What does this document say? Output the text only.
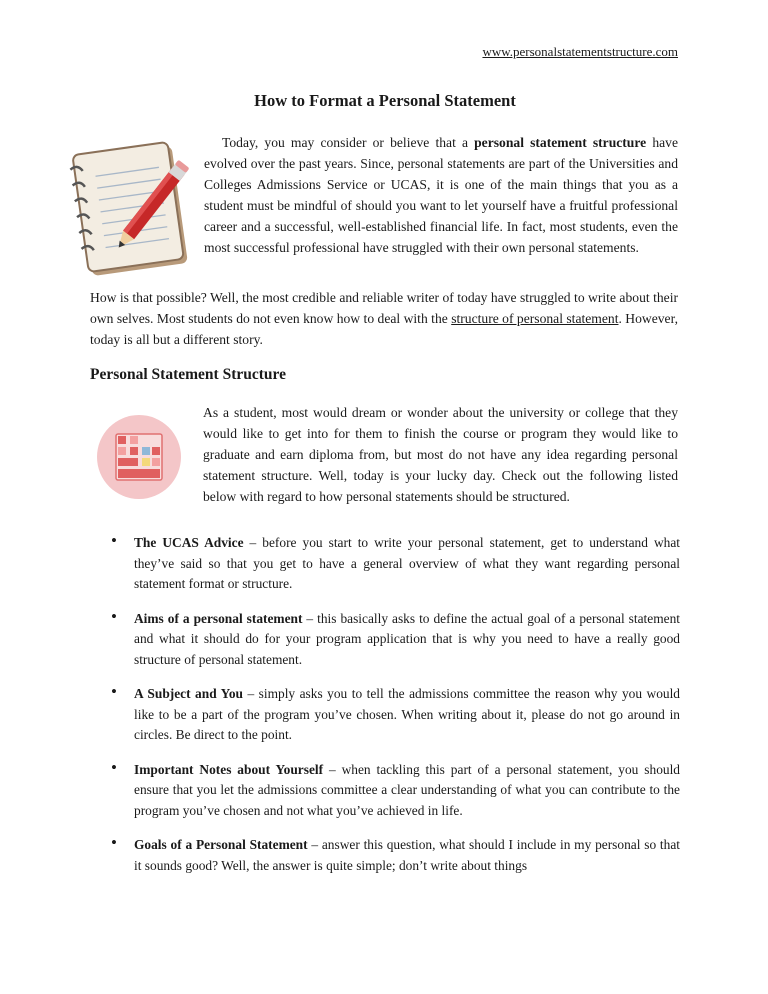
www.personalstatementstructure.com
How to Format a Personal Statement

Today, you may consider or believe that a personal statement structure have evolved over the past years. Since, personal statements are part of the Universities and Colleges Admissions Service or UCAS, it is one of the main things that you as a student must be mindful of should you want to let yourself have a fruitful professional career and a successful, well-established financial life. In fact, most students, even the most successful professional have struggled with their own personal statements.

How is that possible? Well, the most credible and reliable writer of today have struggled to write about their own selves. Most students do not even know how to deal with the structure of personal statement. However, today is all but a different story.

Personal Statement Structure

As a student, most would dream or wonder about the university or college that they would like to get into for them to finish the course or program they would like to graduate and earn diploma from, but most do not have any idea regarding personal statement structure. Well, today is your lucky day. Check out the following listed below with regard to how personal statements should be structured.

• The UCAS Advice – before you start to write your personal statement, get to understand what they’ve said so that you get to have a general overview of what they want regarding personal statement format or structure.
• Aims of a personal statement – this basically asks to define the actual goal of a personal statement and what it should do for your program application that is why you need to have a really good structure of personal statement.
• A Subject and You – simply asks you to tell the admissions committee the reason why you would like to be a part of the program you’ve chosen. When writing about it, please do not go around in circles. Be direct to the point.
• Important Notes about Yourself – when tackling this part of a personal statement, you should ensure that you let the admissions committee a clear understanding of what you can contribute to the program you’ve chosen and not what you’ve achieved in life.
• Goals of a Personal Statement – answer this question, what should I include in my personal so that it sounds good? Well, the answer is quite simple; don’t write about things
